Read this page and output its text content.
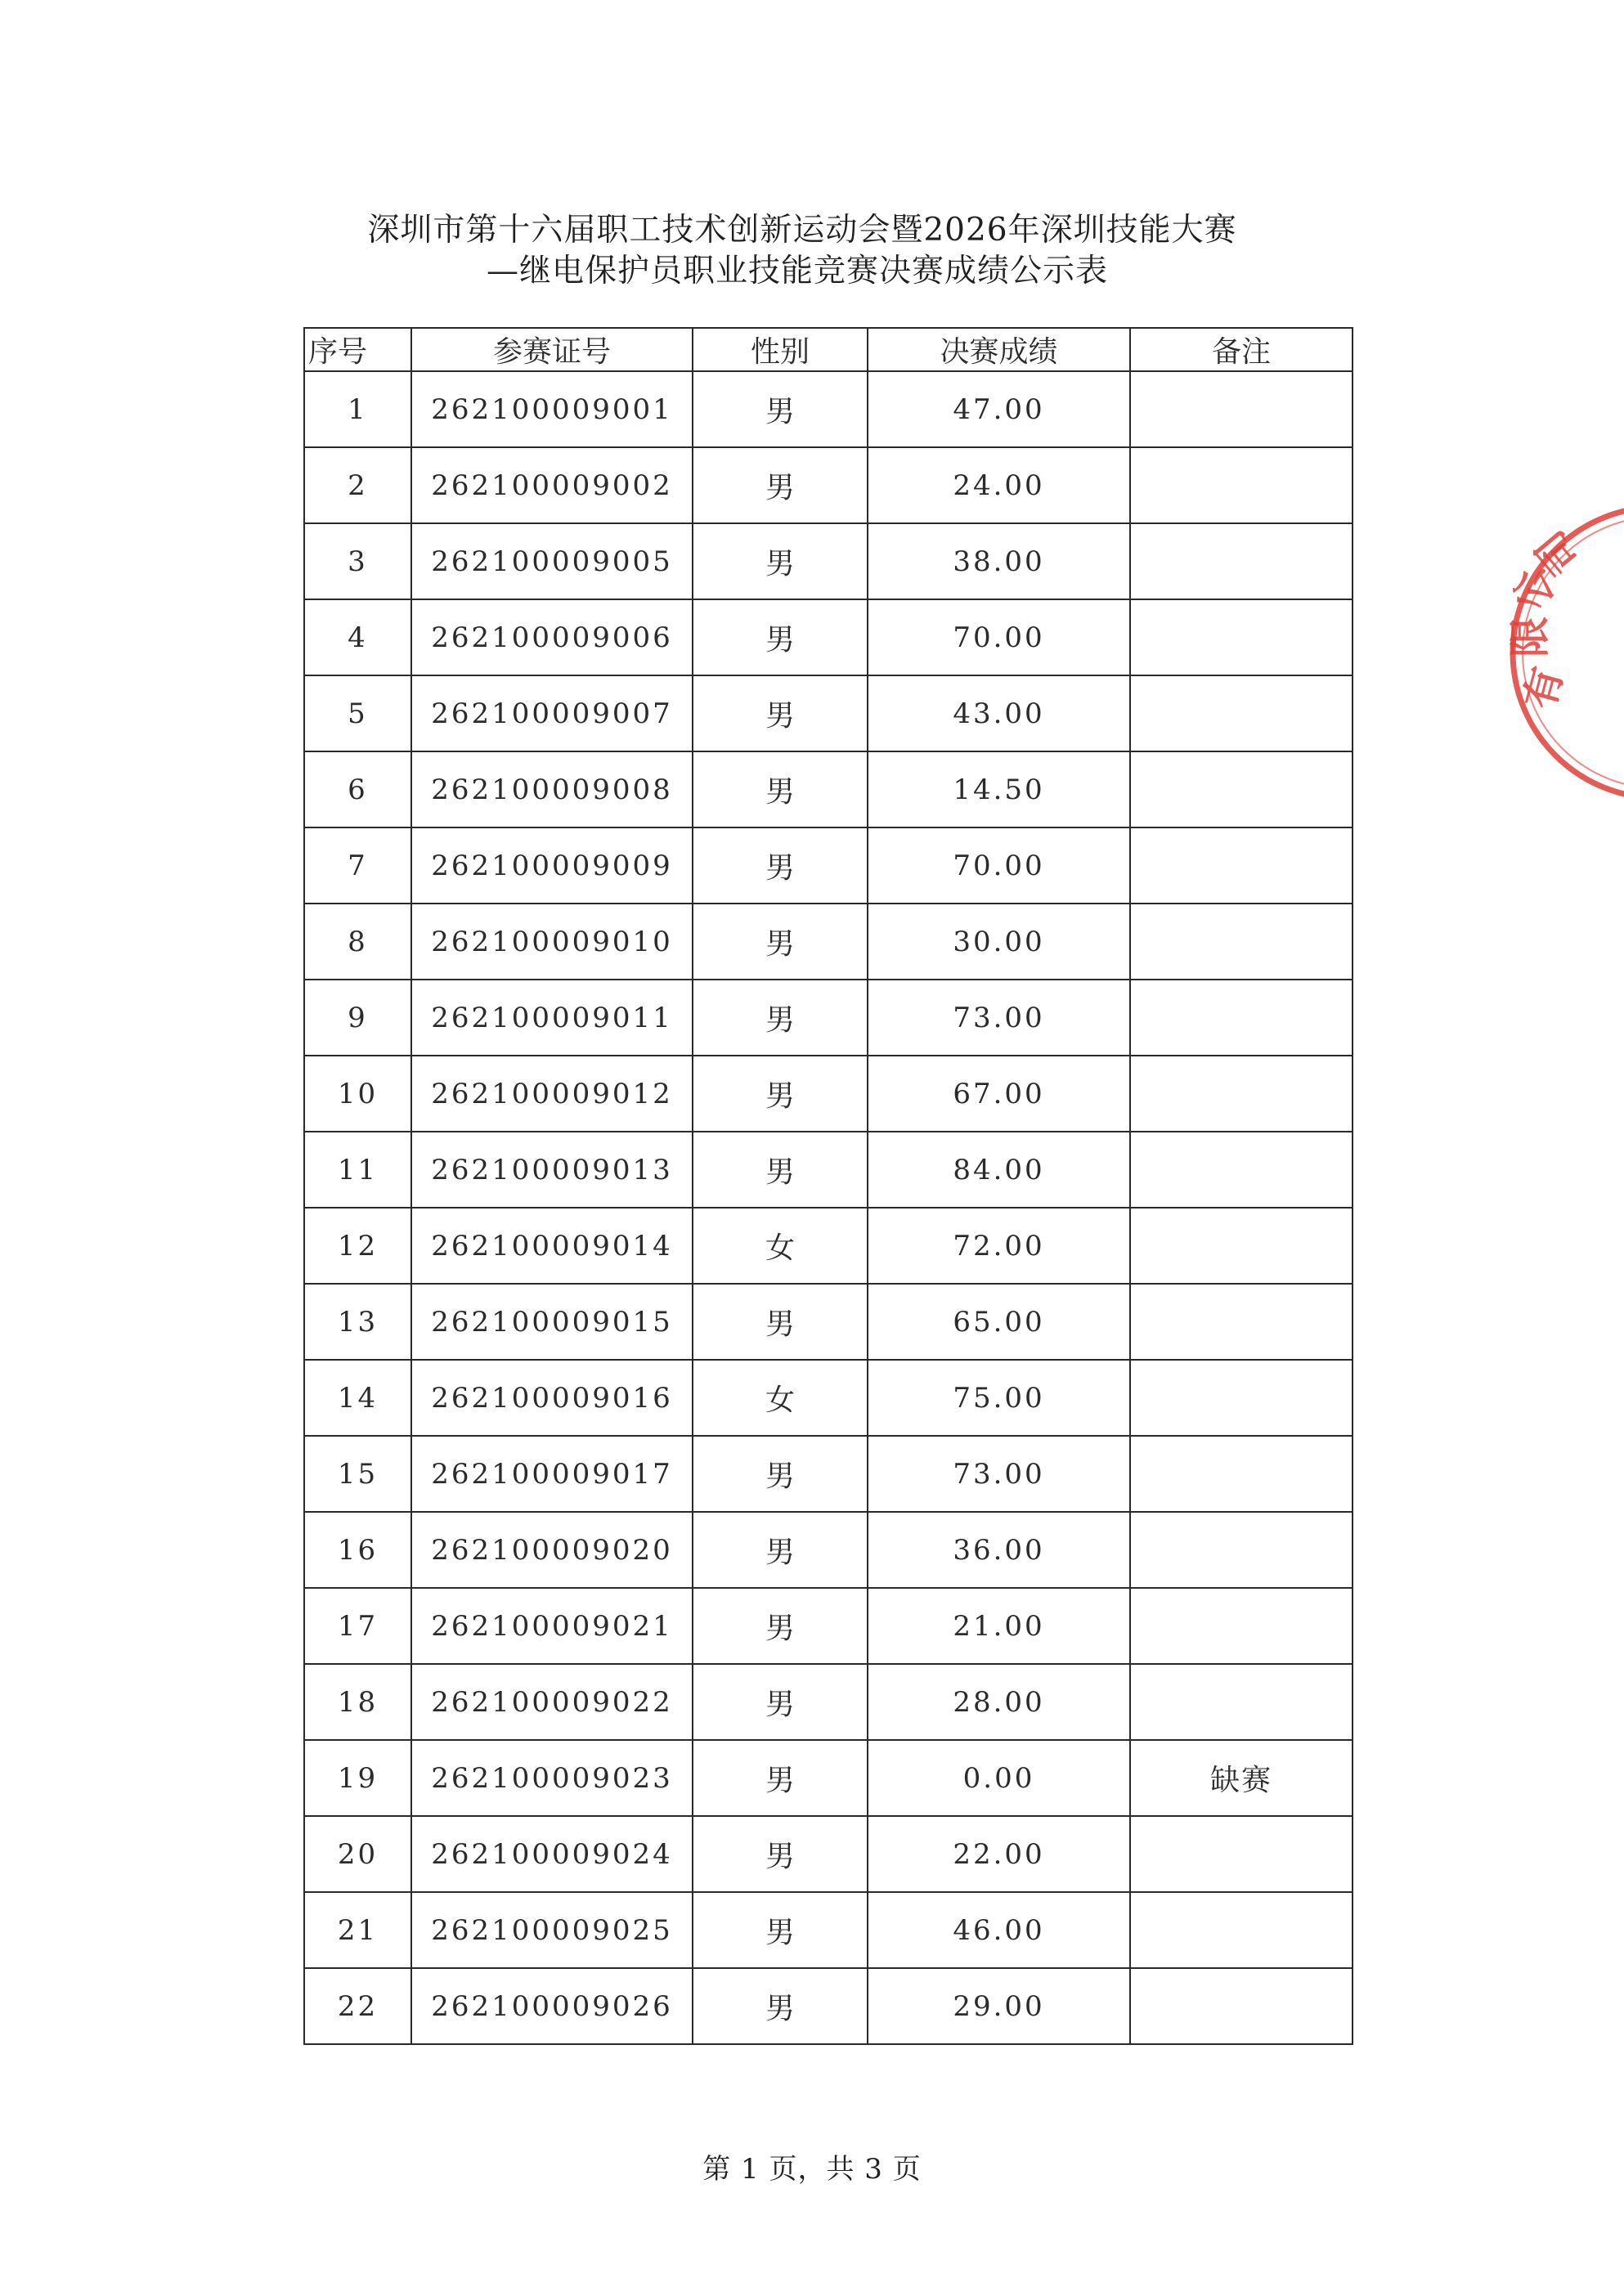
深圳市第十六届职工技术创新运动会暨2026年深圳技能大赛
—继电保护员职业技能竞赛决赛成绩公示表
序号	参赛证号	性别	决赛成绩	备注
1	262100009001	男	47.00	
2	262100009002	男	24.00	
3	262100009005	男	38.00	
4	262100009006	男	70.00	
5	262100009007	男	43.00	
6	262100009008	男	14.50	
7	262100009009	男	70.00	
8	262100009010	男	30.00	
9	262100009011	男	73.00	
10	262100009012	男	67.00	
11	262100009013	男	84.00	
12	262100009014	女	72.00	
13	262100009015	男	65.00	
14	262100009016	女	75.00	
15	262100009017	男	73.00	
16	262100009020	男	36.00	
17	262100009021	男	21.00	
18	262100009022	男	28.00	
19	262100009023	男	0.00	缺赛
20	262100009024	男	22.00	
21	262100009025	男	46.00	
22	262100009026	男	29.00	
第 1 页，共 3 页
有
限
公
司
